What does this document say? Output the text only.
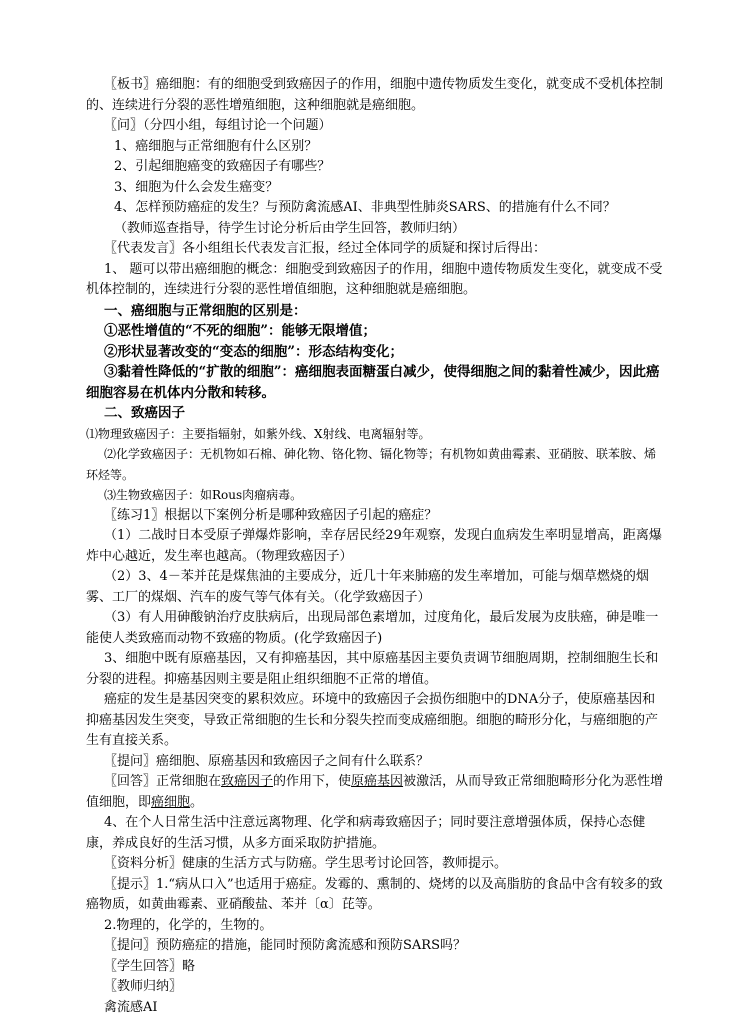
〖板书〗癌细胞：有的细胞受到致癌因子的作用，细胞中遗传物质发生变化，就变成不受机体控制的、连续进行分裂的恶性增殖细胞，这种细胞就是癌细胞。

〖问〗（分四小组，每组讨论一个问题）

1、癌细胞与正常细胞有什么区别？

2、引起细胞癌变的致癌因子有哪些？

3、细胞为什么会发生癌变？

4、怎样预防癌症的发生？与预防禽流感AI、非典型性肺炎SARS、的措施有什么不同？

（教师巡查指导，待学生讨论分析后由学生回答，教师归纳）

〖代表发言〗各小组组长代表发言汇报，经过全体同学的质疑和探讨后得出：

1、 题可以带出癌细胞的概念：细胞受到致癌因子的作用，细胞中遗传物质发生变化，就变成不受机体控制的，连续进行分裂的恶性增值细胞，这种细胞就是癌细胞。

一、癌细胞与正常细胞的区别是：

①恶性增值的“不死的细胞”：能够无限增值；

②形状显著改变的“变态的细胞”：形态结构变化；

③黏着性降低的“扩散的细胞”：癌细胞表面糖蛋白减少，使得细胞之间的黏着性减少，因此癌细胞容易在机体内分散和转移。

二、致癌因子

⑴物理致癌因子：主要指辐射，如紫外线、X射线、电离辐射等。

⑵化学致癌因子：无机物如石棉、砷化物、铬化物、镉化物等；有机物如黄曲霉素、亚硝胺、联苯胺、烯环烃等。

⑶生物致癌因子：如Rous肉瘤病毒。

〖练习1〗根据以下案例分析是哪种致癌因子引起的癌症？

（1）二战时日本受原子弹爆炸影响，幸存居民经29年观察，发现白血病发生率明显增高，距离爆炸中心越近，发生率也越高。（物理致癌因子）

（2）3、4－苯并芘是煤焦油的主要成分，近几十年来肺癌的发生率增加，可能与烟草燃烧的烟雾、工厂的煤烟、汽车的废气等气体有关。（化学致癌因子）

（3）有人用砷酸钠治疗皮肤病后，出现局部色素增加，过度角化，最后发展为皮肤癌，砷是唯一能使人类致癌而动物不致癌的物质。(化学致癌因子)

3、细胞中既有原癌基因，又有抑癌基因，其中原癌基因主要负责调节细胞周期，控制细胞生长和分裂的进程。抑癌基因则主要是阻止组织细胞不正常的增值。

癌症的发生是基因突变的累积效应。环境中的致癌因子会损伤细胞中的DNA分子，使原癌基因和抑癌基因发生突变，导致正常细胞的生长和分裂失控而变成癌细胞。细胞的畸形分化，与癌细胞的产生有直接关系。

〖提问〗癌细胞、原癌基因和致癌因子之间有什么联系？

〖回答〗正常细胞在致癌因子的作用下，使原癌基因被激活，从而导致正常细胞畸形分化为恶性增值细胞，即癌细胞。

4、在个人日常生活中注意远离物理、化学和病毒致癌因子；同时要注意增强体质，保持心态健康，养成良好的生活习惯，从多方面采取防护措施。

〖资料分析〗健康的生活方式与防癌。学生思考讨论回答，教师提示。

〖提示〗1.“病从口入”也适用于癌症。发霉的、熏制的、烧烤的以及高脂肪的食品中含有较多的致癌物质，如黄曲霉素、亚硝酸盐、苯并〔α〕芘等。

2.物理的，化学的，生物的。

〖提问〗预防癌症的措施，能同时预防禽流感和预防SARS吗？

〖学生回答〗略

〖教师归纳〗

禽流感AI
